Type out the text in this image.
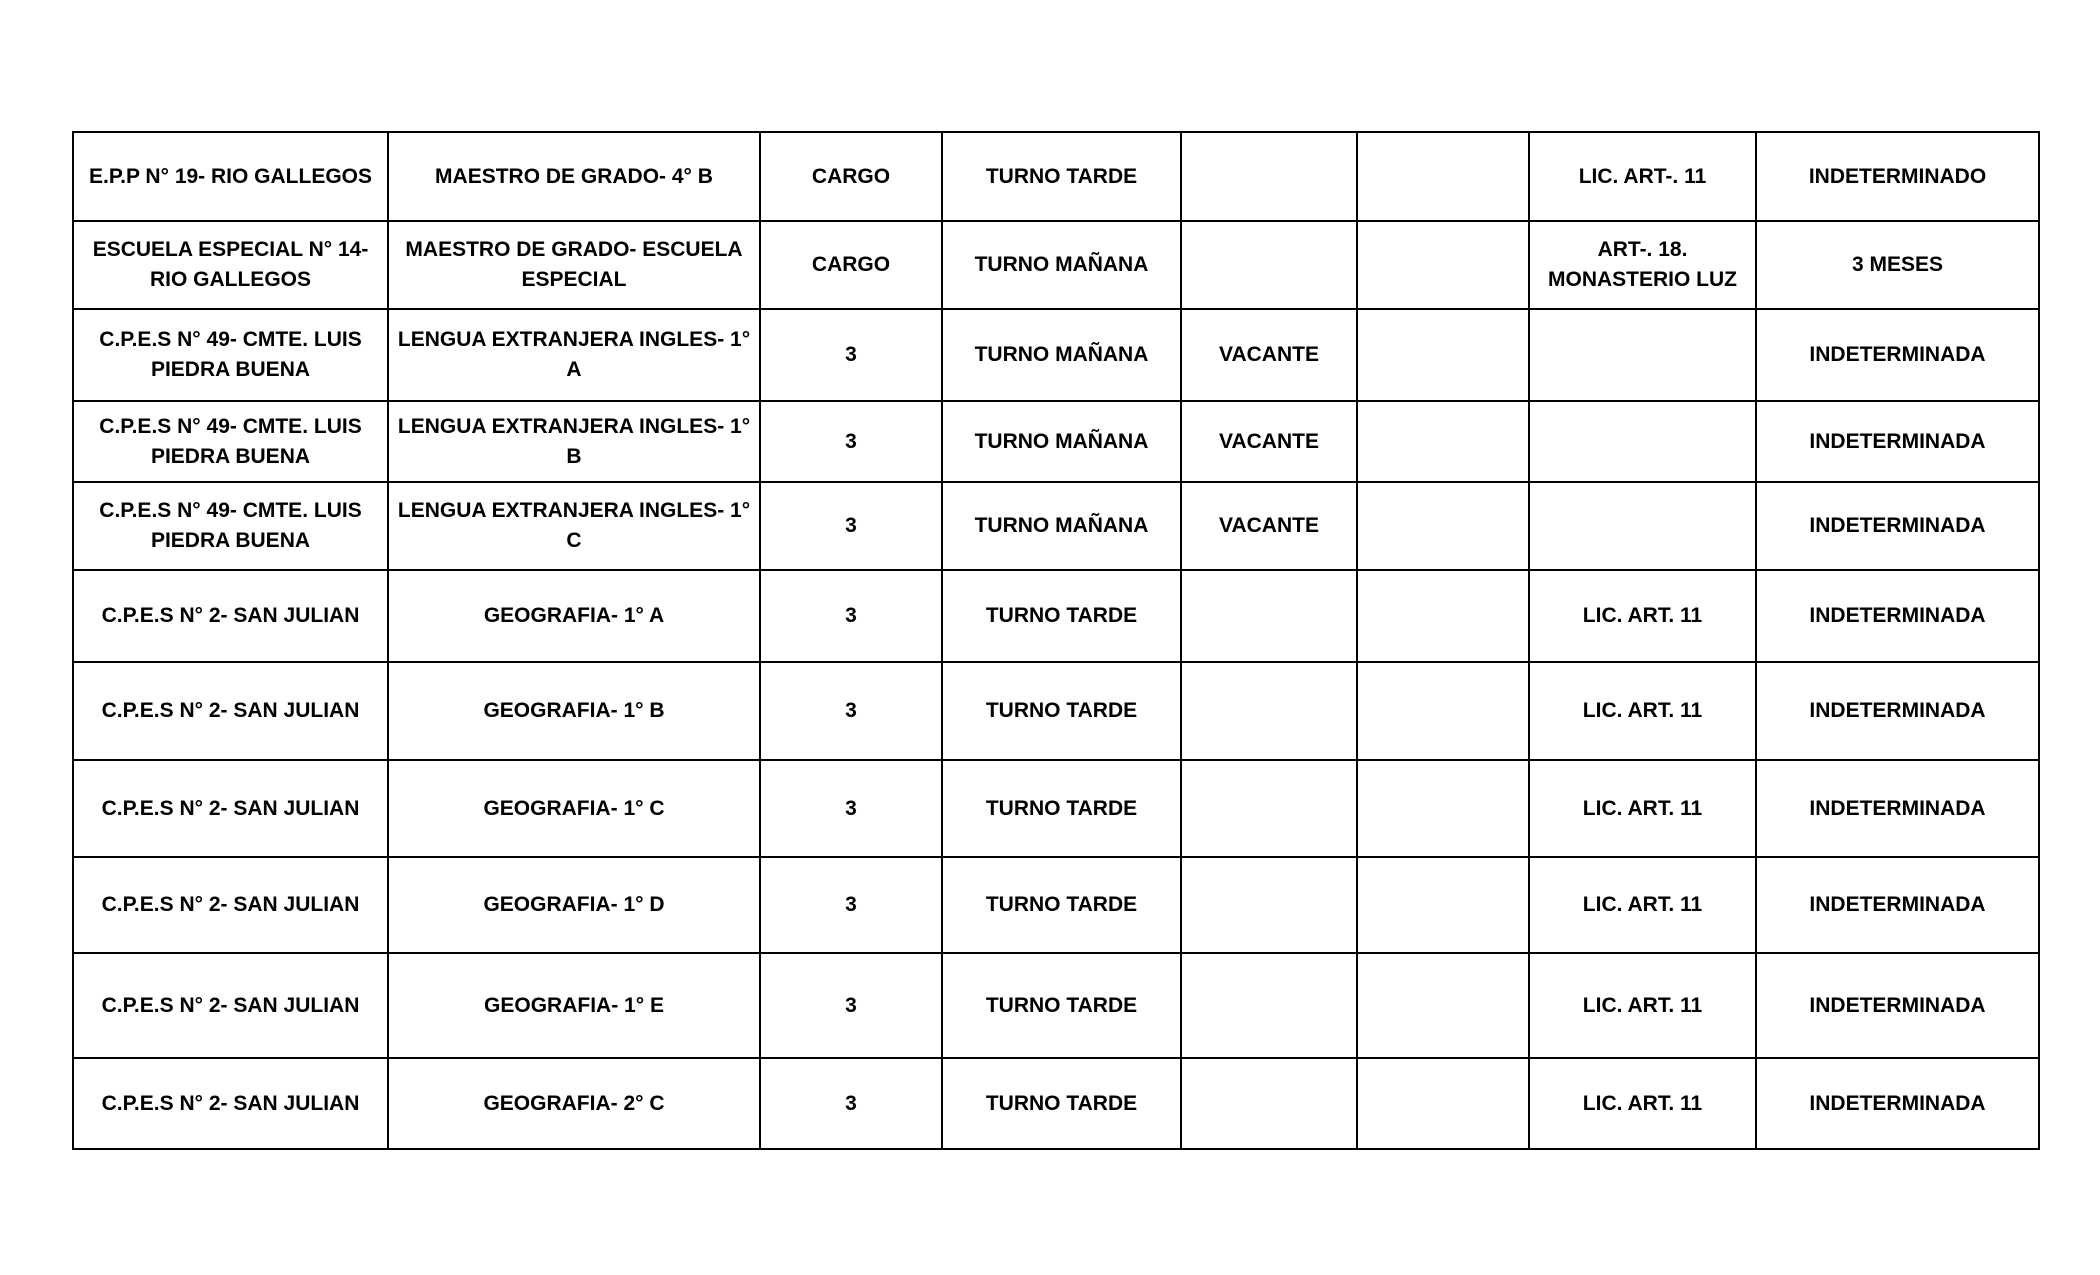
E.P.P N° 19- RIO GALLEGOS	MAESTRO DE GRADO- 4° B	CARGO	TURNO TARDE			LIC. ART-. 11	INDETERMINADO
ESCUELA ESPECIAL N° 14- RIO GALLEGOS	MAESTRO DE GRADO- ESCUELA ESPECIAL	CARGO	TURNO MAÑANA			ART-. 18. MONASTERIO LUZ	3 MESES
C.P.E.S N° 49- CMTE. LUIS PIEDRA BUENA	LENGUA EXTRANJERA INGLES- 1° A	3	TURNO MAÑANA	VACANTE			INDETERMINADA
C.P.E.S N° 49- CMTE. LUIS PIEDRA BUENA	LENGUA EXTRANJERA INGLES- 1° B	3	TURNO MAÑANA	VACANTE			INDETERMINADA
C.P.E.S N° 49- CMTE. LUIS PIEDRA BUENA	LENGUA EXTRANJERA INGLES- 1° C	3	TURNO MAÑANA	VACANTE			INDETERMINADA
C.P.E.S N° 2- SAN JULIAN	GEOGRAFIA- 1° A	3	TURNO TARDE			LIC. ART. 11	INDETERMINADA
C.P.E.S N° 2- SAN JULIAN	GEOGRAFIA- 1° B	3	TURNO TARDE			LIC. ART. 11	INDETERMINADA
C.P.E.S N° 2- SAN JULIAN	GEOGRAFIA- 1° C	3	TURNO TARDE			LIC. ART. 11	INDETERMINADA
C.P.E.S N° 2- SAN JULIAN	GEOGRAFIA- 1° D	3	TURNO TARDE			LIC. ART. 11	INDETERMINADA
C.P.E.S N° 2- SAN JULIAN	GEOGRAFIA- 1° E	3	TURNO TARDE			LIC. ART. 11	INDETERMINADA
C.P.E.S N° 2- SAN JULIAN	GEOGRAFIA- 2° C	3	TURNO TARDE			LIC. ART. 11	INDETERMINADA
